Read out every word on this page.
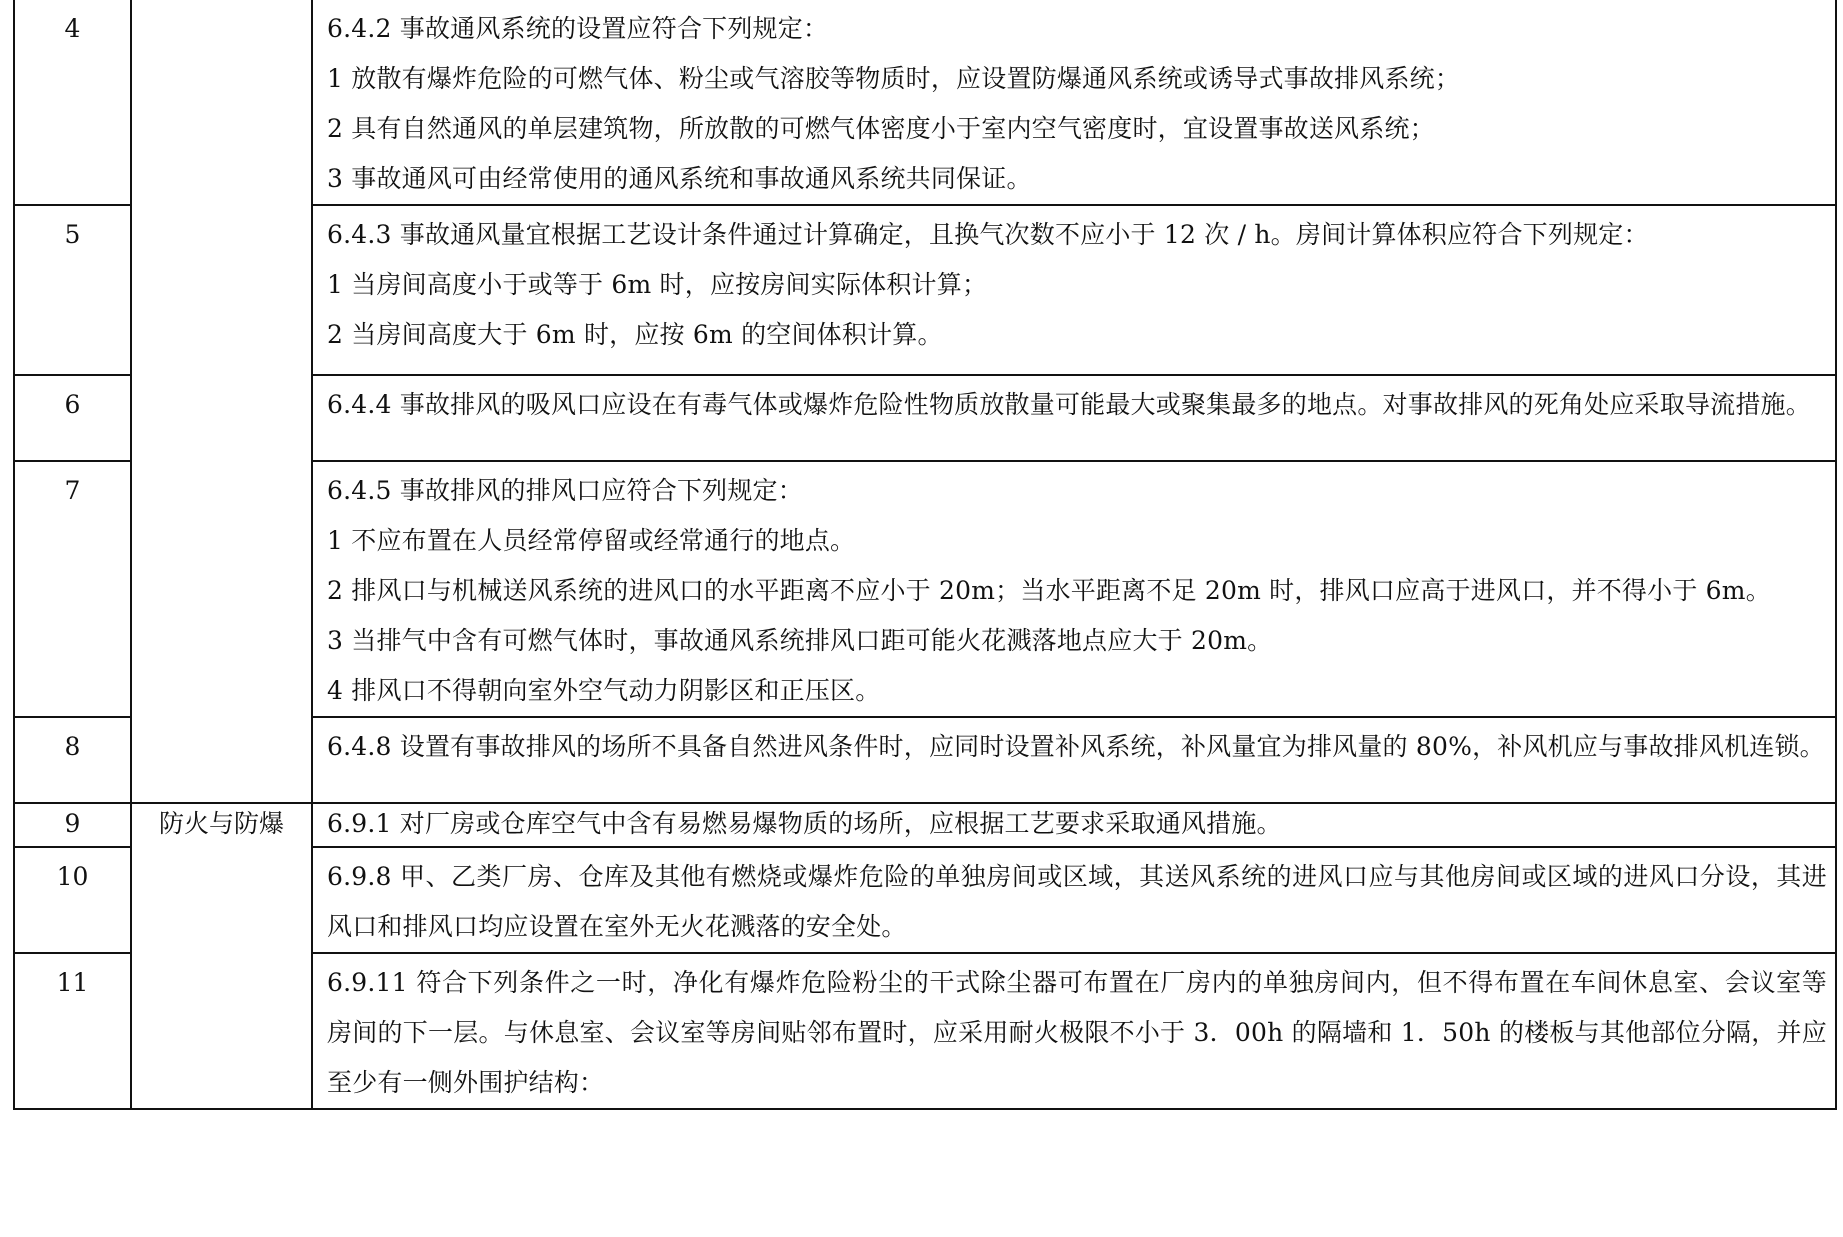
4		6.4.2 事故通风系统的设置应符合下列规定：
1 放散有爆炸危险的可燃气体、粉尘或气溶胶等物质时，应设置防爆通风系统或诱导式事故排风系统；
2 具有自然通风的单层建筑物，所放散的可燃气体密度小于室内空气密度时，宜设置事故送风系统；
3 事故通风可由经常使用的通风系统和事故通风系统共同保证。

5		6.4.3 事故通风量宜根据工艺设计条件通过计算确定，且换气次数不应小于 12 次 / h。房间计算体积应符合下列规定：
1 当房间高度小于或等于 6m 时，应按房间实际体积计算；
2 当房间高度大于 6m 时，应按 6m 的空间体积计算。

6		6.4.4 事故排风的吸风口应设在有毒气体或爆炸危险性物质放散量可能最大或聚集最多的地点。对事故排风的死角处应采取导流措施。

7		6.4.5 事故排风的排风口应符合下列规定：
1 不应布置在人员经常停留或经常通行的地点。
2 排风口与机械送风系统的进风口的水平距离不应小于 20m；当水平距离不足 20m 时，排风口应高于进风口，并不得小于 6m。
3 当排气中含有可燃气体时，事故通风系统排风口距可能火花溅落地点应大于 20m。
4 排风口不得朝向室外空气动力阴影区和正压区。

8		6.4.8 设置有事故排风的场所不具备自然进风条件时，应同时设置补风系统，补风量宜为排风量的 80%，补风机应与事故排风机连锁。

9	防火与防爆	6.9.1 对厂房或仓库空气中含有易燃易爆物质的场所，应根据工艺要求采取通风措施。

10		6.9.8 甲、乙类厂房、仓库及其他有燃烧或爆炸危险的单独房间或区域，其送风系统的进风口应与其他房间或区域的进风口分设，其进风口和排风口均应设置在室外无火花溅落的安全处。

11		6.9.11 符合下列条件之一时，净化有爆炸危险粉尘的干式除尘器可布置在厂房内的单独房间内，但不得布置在车间休息室、会议室等房间的下一层。与休息室、会议室等房间贴邻布置时，应采用耐火极限不小于 3．00h 的隔墙和 1．50h 的楼板与其他部位分隔，并应至少有一侧外围护结构：
